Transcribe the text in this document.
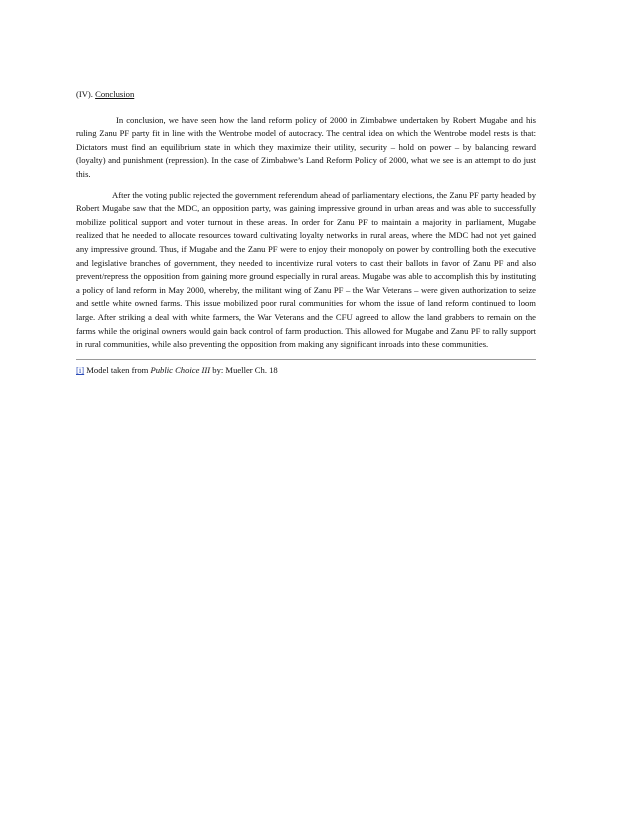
(IV). Conclusion

In conclusion, we have seen how the land reform policy of 2000 in Zimbabwe undertaken by Robert Mugabe and his ruling Zanu PF party fit in line with the Wentrobe model of autocracy. The central idea on which the Wentrobe model rests is that: Dictators must find an equilibrium state in which they maximize their utility, security – hold on power – by balancing reward (loyalty) and punishment (repression). In the case of Zimbabwe’s Land Reform Policy of 2000, what we see is an attempt to do just this.

After the voting public rejected the government referendum ahead of parliamentary elections, the Zanu PF party headed by Robert Mugabe saw that the MDC, an opposition party, was gaining impressive ground in urban areas and was able to successfully mobilize political support and voter turnout in these areas. In order for Zanu PF to maintain a majority in parliament, Mugabe realized that he needed to allocate resources toward cultivating loyalty networks in rural areas, where the MDC had not yet gained any impressive ground. Thus, if Mugabe and the Zanu PF were to enjoy their monopoly on power by controlling both the executive and legislative branches of government, they needed to incentivize rural voters to cast their ballots in favor of Zanu PF and also prevent/repress the opposition from gaining more ground especially in rural areas. Mugabe was able to accomplish this by instituting a policy of land reform in May 2000, whereby, the militant wing of Zanu PF – the War Veterans – were given authorization to seize and settle white owned farms. This issue mobilized poor rural communities for whom the issue of land reform continued to loom large. After striking a deal with white farmers, the War Veterans and the CFU agreed to allow the land grabbers to remain on the farms while the original owners would gain back control of farm production. This allowed for Mugabe and Zanu PF to rally support in rural communities, while also preventing the opposition from making any significant inroads into these communities.

[i] Model taken from Public Choice III by: Mueller Ch. 18
